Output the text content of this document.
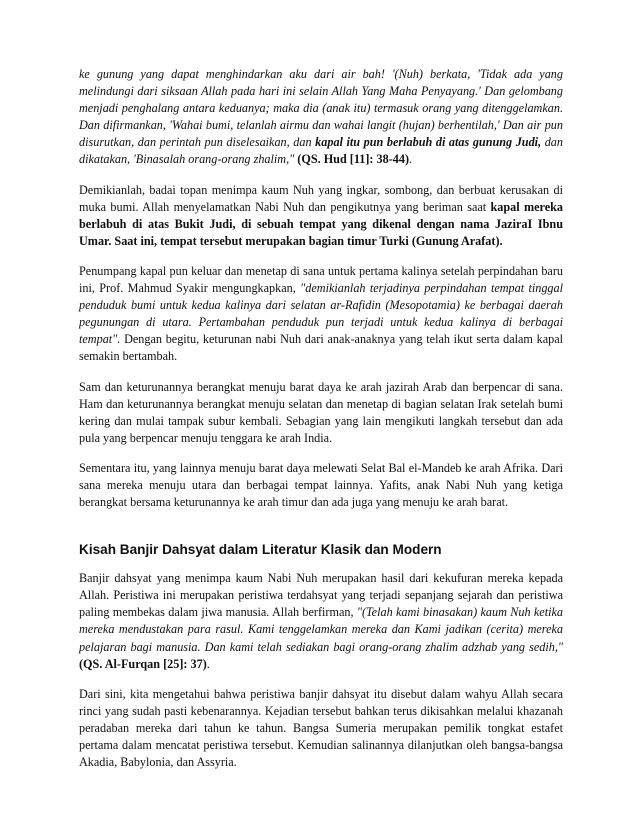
ke gunung yang dapat menghindarkan aku dari air bah! '(Nuh) berkata, 'Tidak ada yang melindungi dari siksaan Allah pada hari ini selain Allah Yang Maha Penyayang.' Dan gelombang menjadi penghalang antara keduanya; maka dia (anak itu) termasuk orang yang ditenggelamkan. Dan difirmankan, 'Wahai bumi, telanlah airmu dan wahai langit (hujan) berhentilah,' Dan air pun disurutkan, dan perintah pun diselesaikan, dan kapal itu pun berlabuh di atas gunung Judi, dan dikatakan, 'Binasalah orang-orang zhalim," (QS. Hud [11]: 38-44).

Demikianlah, badai topan menimpa kaum Nuh yang ingkar, sombong, dan berbuat kerusakan di muka bumi. Allah menyelamatkan Nabi Nuh dan pengikutnya yang beriman saat kapal mereka berlabuh di atas Bukit Judi, di sebuah tempat yang dikenal dengan nama JaziraI Ibnu Umar. Saat ini, tempat tersebut merupakan bagian timur Turki (Gunung Arafat).

Penumpang kapal pun keluar dan menetap di sana untuk pertama kalinya setelah perpindahan baru ini, Prof. Mahmud Syakir mengungkapkan, "demikianlah terjadinya perpindahan tempat tinggal penduduk bumi untuk kedua kalinya dari selatan ar-Rafidin (Mesopotamia) ke berbagai daerah pegunungan di utara. Pertambahan penduduk pun terjadi untuk kedua kalinya di berbagai tempat". Dengan begitu, keturunan nabi Nuh dari anak-anaknya yang telah ikut serta dalam kapal semakin bertambah.

Sam dan keturunannya berangkat menuju barat daya ke arah jazirah Arab dan berpencar di sana. Ham dan keturunannya berangkat menuju selatan dan menetap di bagian selatan Irak setelah bumi kering dan mulai tampak subur kembali. Sebagian yang lain mengikuti langkah tersebut dan ada pula yang berpencar menuju tenggara ke arah India.

Sementara itu, yang lainnya menuju barat daya melewati Selat Bal el-Mandeb ke arah Afrika. Dari sana mereka menuju utara dan berbagai tempat lainnya. Yafits, anak Nabi Nuh yang ketiga berangkat bersama keturunannya ke arah timur dan ada juga yang menuju ke arah barat.

Kisah Banjir Dahsyat dalam Literatur Klasik dan Modern

Banjir dahsyat yang menimpa kaum Nabi Nuh merupakan hasil dari kekufuran mereka kepada Allah. Peristiwa ini merupakan peristiwa terdahsyat yang terjadi sepanjang sejarah dan peristiwa paling membekas dalam jiwa manusia. Allah berfirman, "(Telah kami binasakan) kaum Nuh ketika mereka mendustakan para rasul. Kami tenggelamkan mereka dan Kami jadikan (cerita) mereka pelajaran bagi manusia. Dan kami telah sediakan bagi orang-orang zhalim adzhab yang sedih," (QS. Al-Furqan [25]: 37).

Dari sini, kita mengetahui bahwa peristiwa banjir dahsyat itu disebut dalam wahyu Allah secara rinci yang sudah pasti kebenarannya. Kejadian tersebut bahkan terus dikisahkan melalui khazanah peradaban mereka dari tahun ke tahun. Bangsa Sumeria merupakan pemilik tongkat estafet pertama dalam mencatat peristiwa tersebut. Kemudian salinannya dilanjutkan oleh bangsa-bangsa Akadia, Babylonia, dan Assyria.
